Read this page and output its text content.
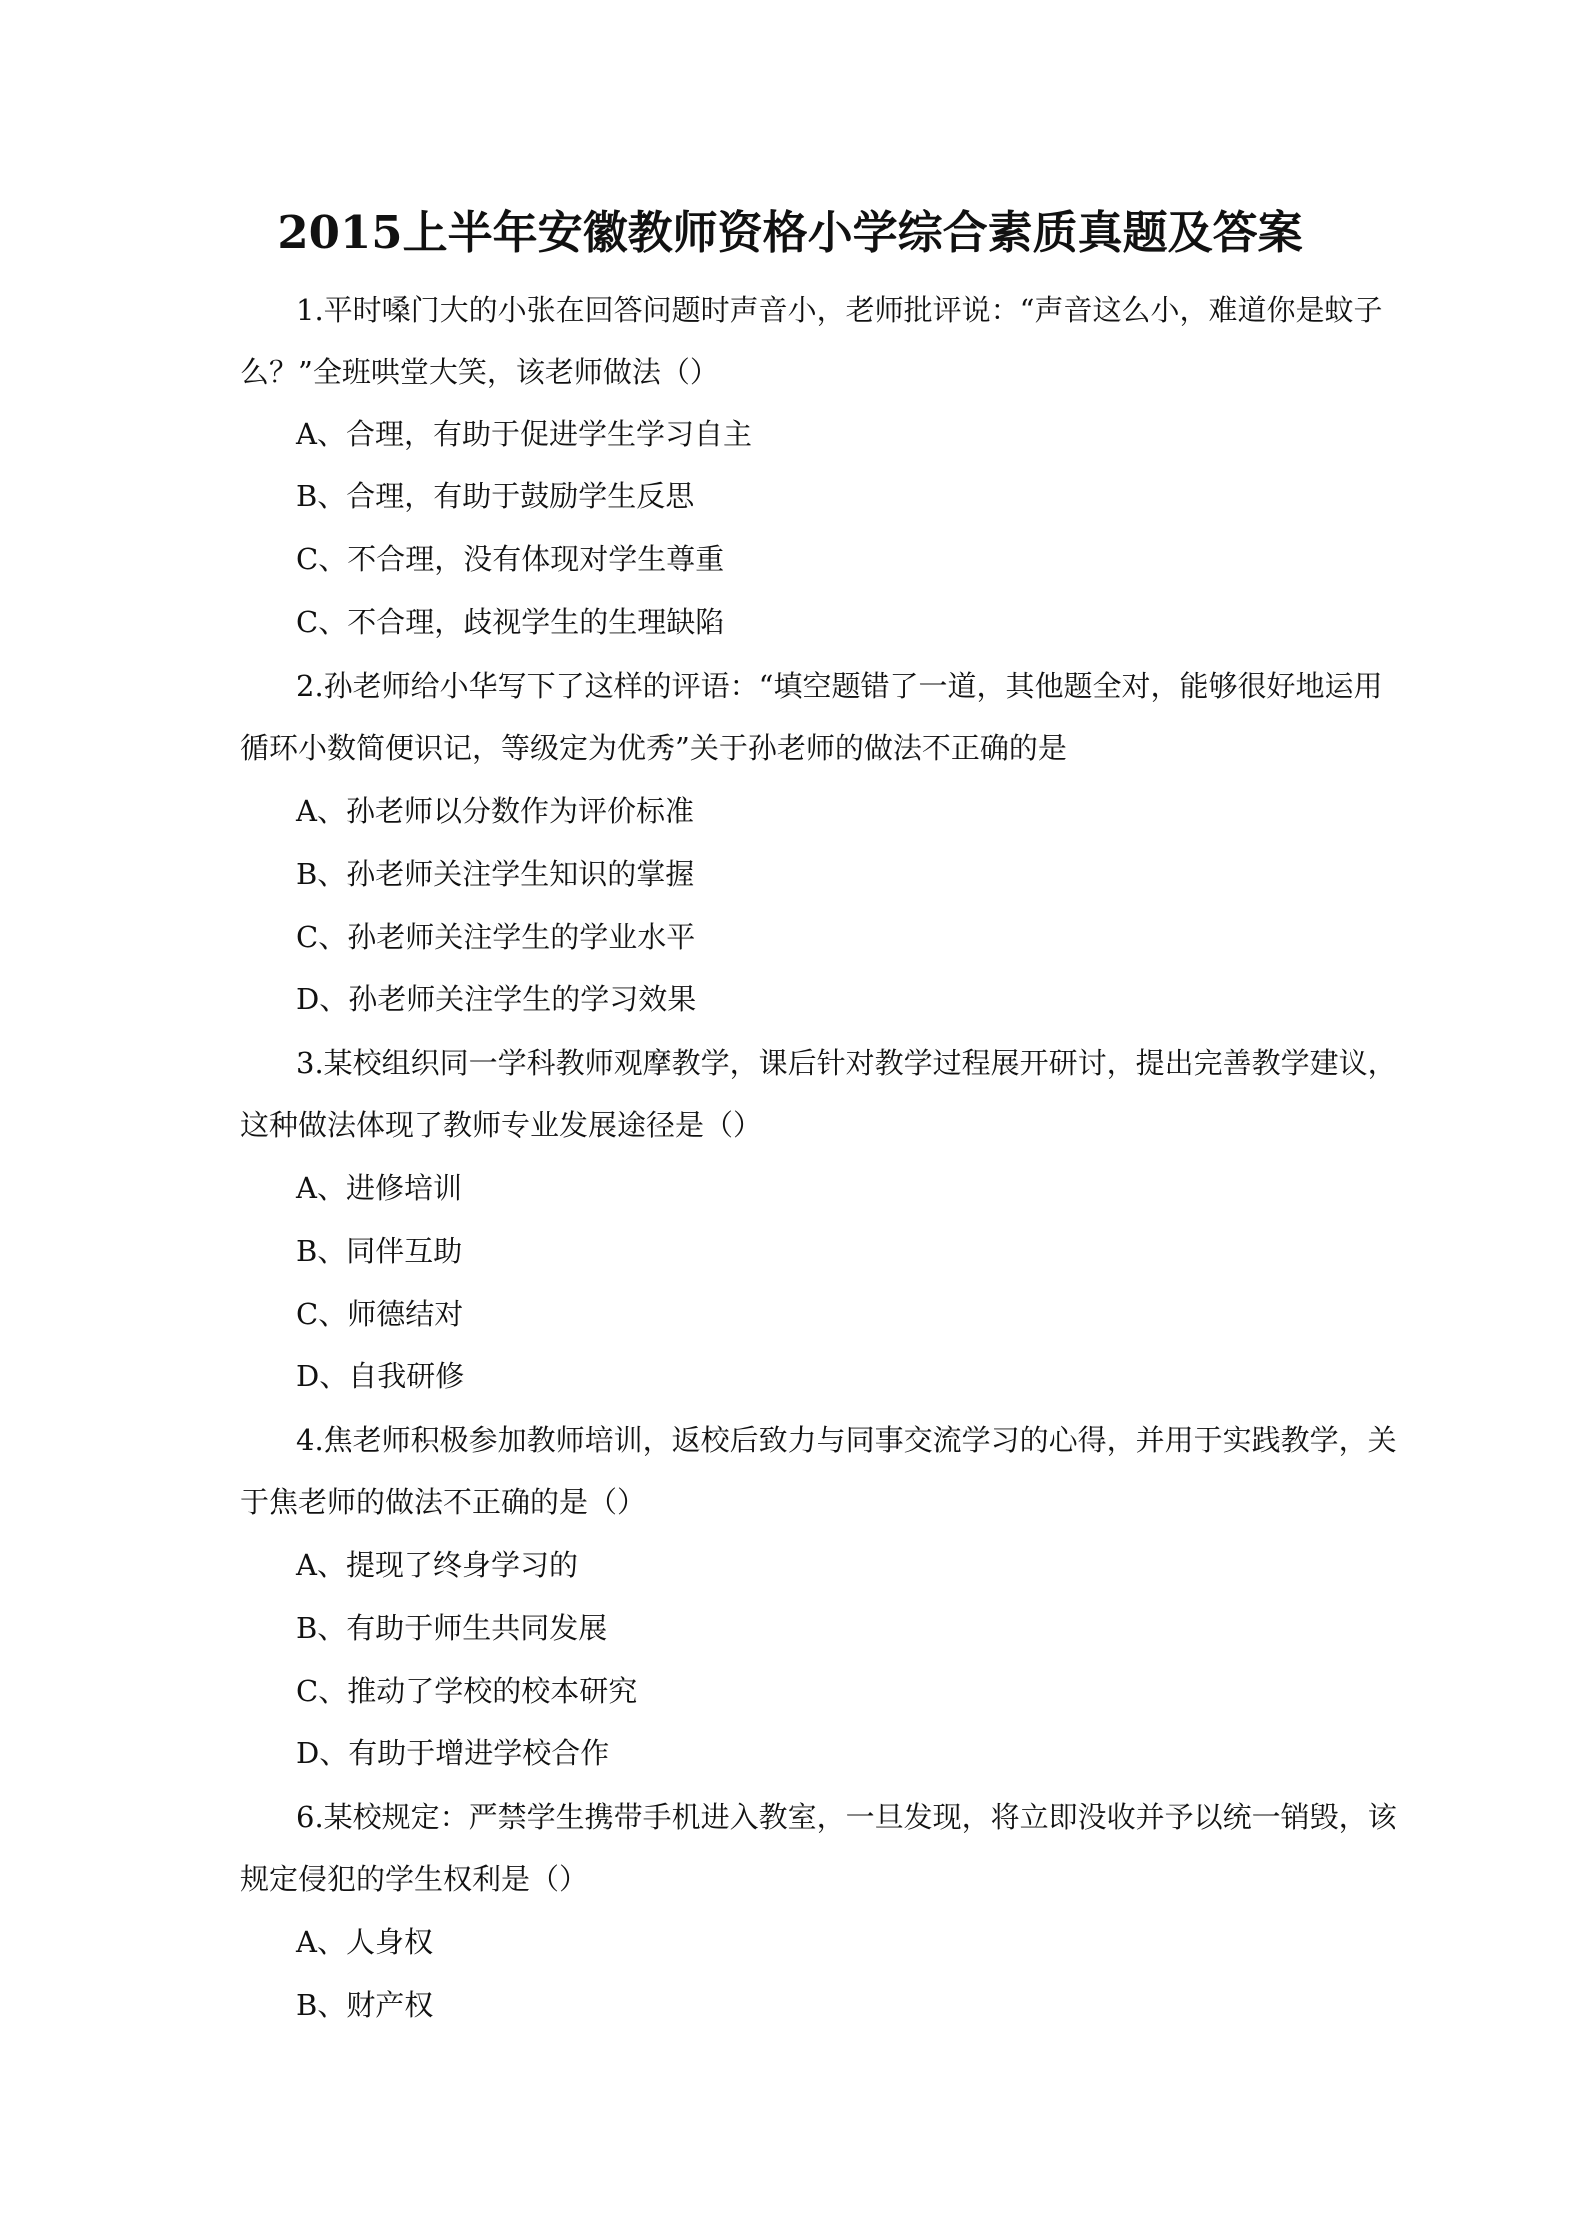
2015上半年安徽教师资格小学综合素质真题及答案

1.平时嗓门大的小张在回答问题时声音小，老师批评说：“声音这么小，难道你是蚊子

么？”全班哄堂大笑，该老师做法（）

A、合理，有助于促进学生学习自主

B、合理，有助于鼓励学生反思

C、不合理，没有体现对学生尊重

C、不合理，歧视学生的生理缺陷

2.孙老师给小华写下了这样的评语：“填空题错了一道，其他题全对，能够很好地运用

循环小数简便识记，等级定为优秀”关于孙老师的做法不正确的是

A、孙老师以分数作为评价标准

B、孙老师关注学生知识的掌握

C、孙老师关注学生的学业水平

D、孙老师关注学生的学习效果

3.某校组织同一学科教师观摩教学，课后针对教学过程展开研讨，提出完善教学建议，

这种做法体现了教师专业发展途径是（）

A、进修培训

B、同伴互助

C、师德结对

D、自我研修

4.焦老师积极参加教师培训，返校后致力与同事交流学习的心得，并用于实践教学，关

于焦老师的做法不正确的是（）

A、提现了终身学习的

B、有助于师生共同发展

C、推动了学校的校本研究

D、有助于增进学校合作

6.某校规定：严禁学生携带手机进入教室，一旦发现，将立即没收并予以统一销毁，该

规定侵犯的学生权利是（）

A、人身权

B、财产权
